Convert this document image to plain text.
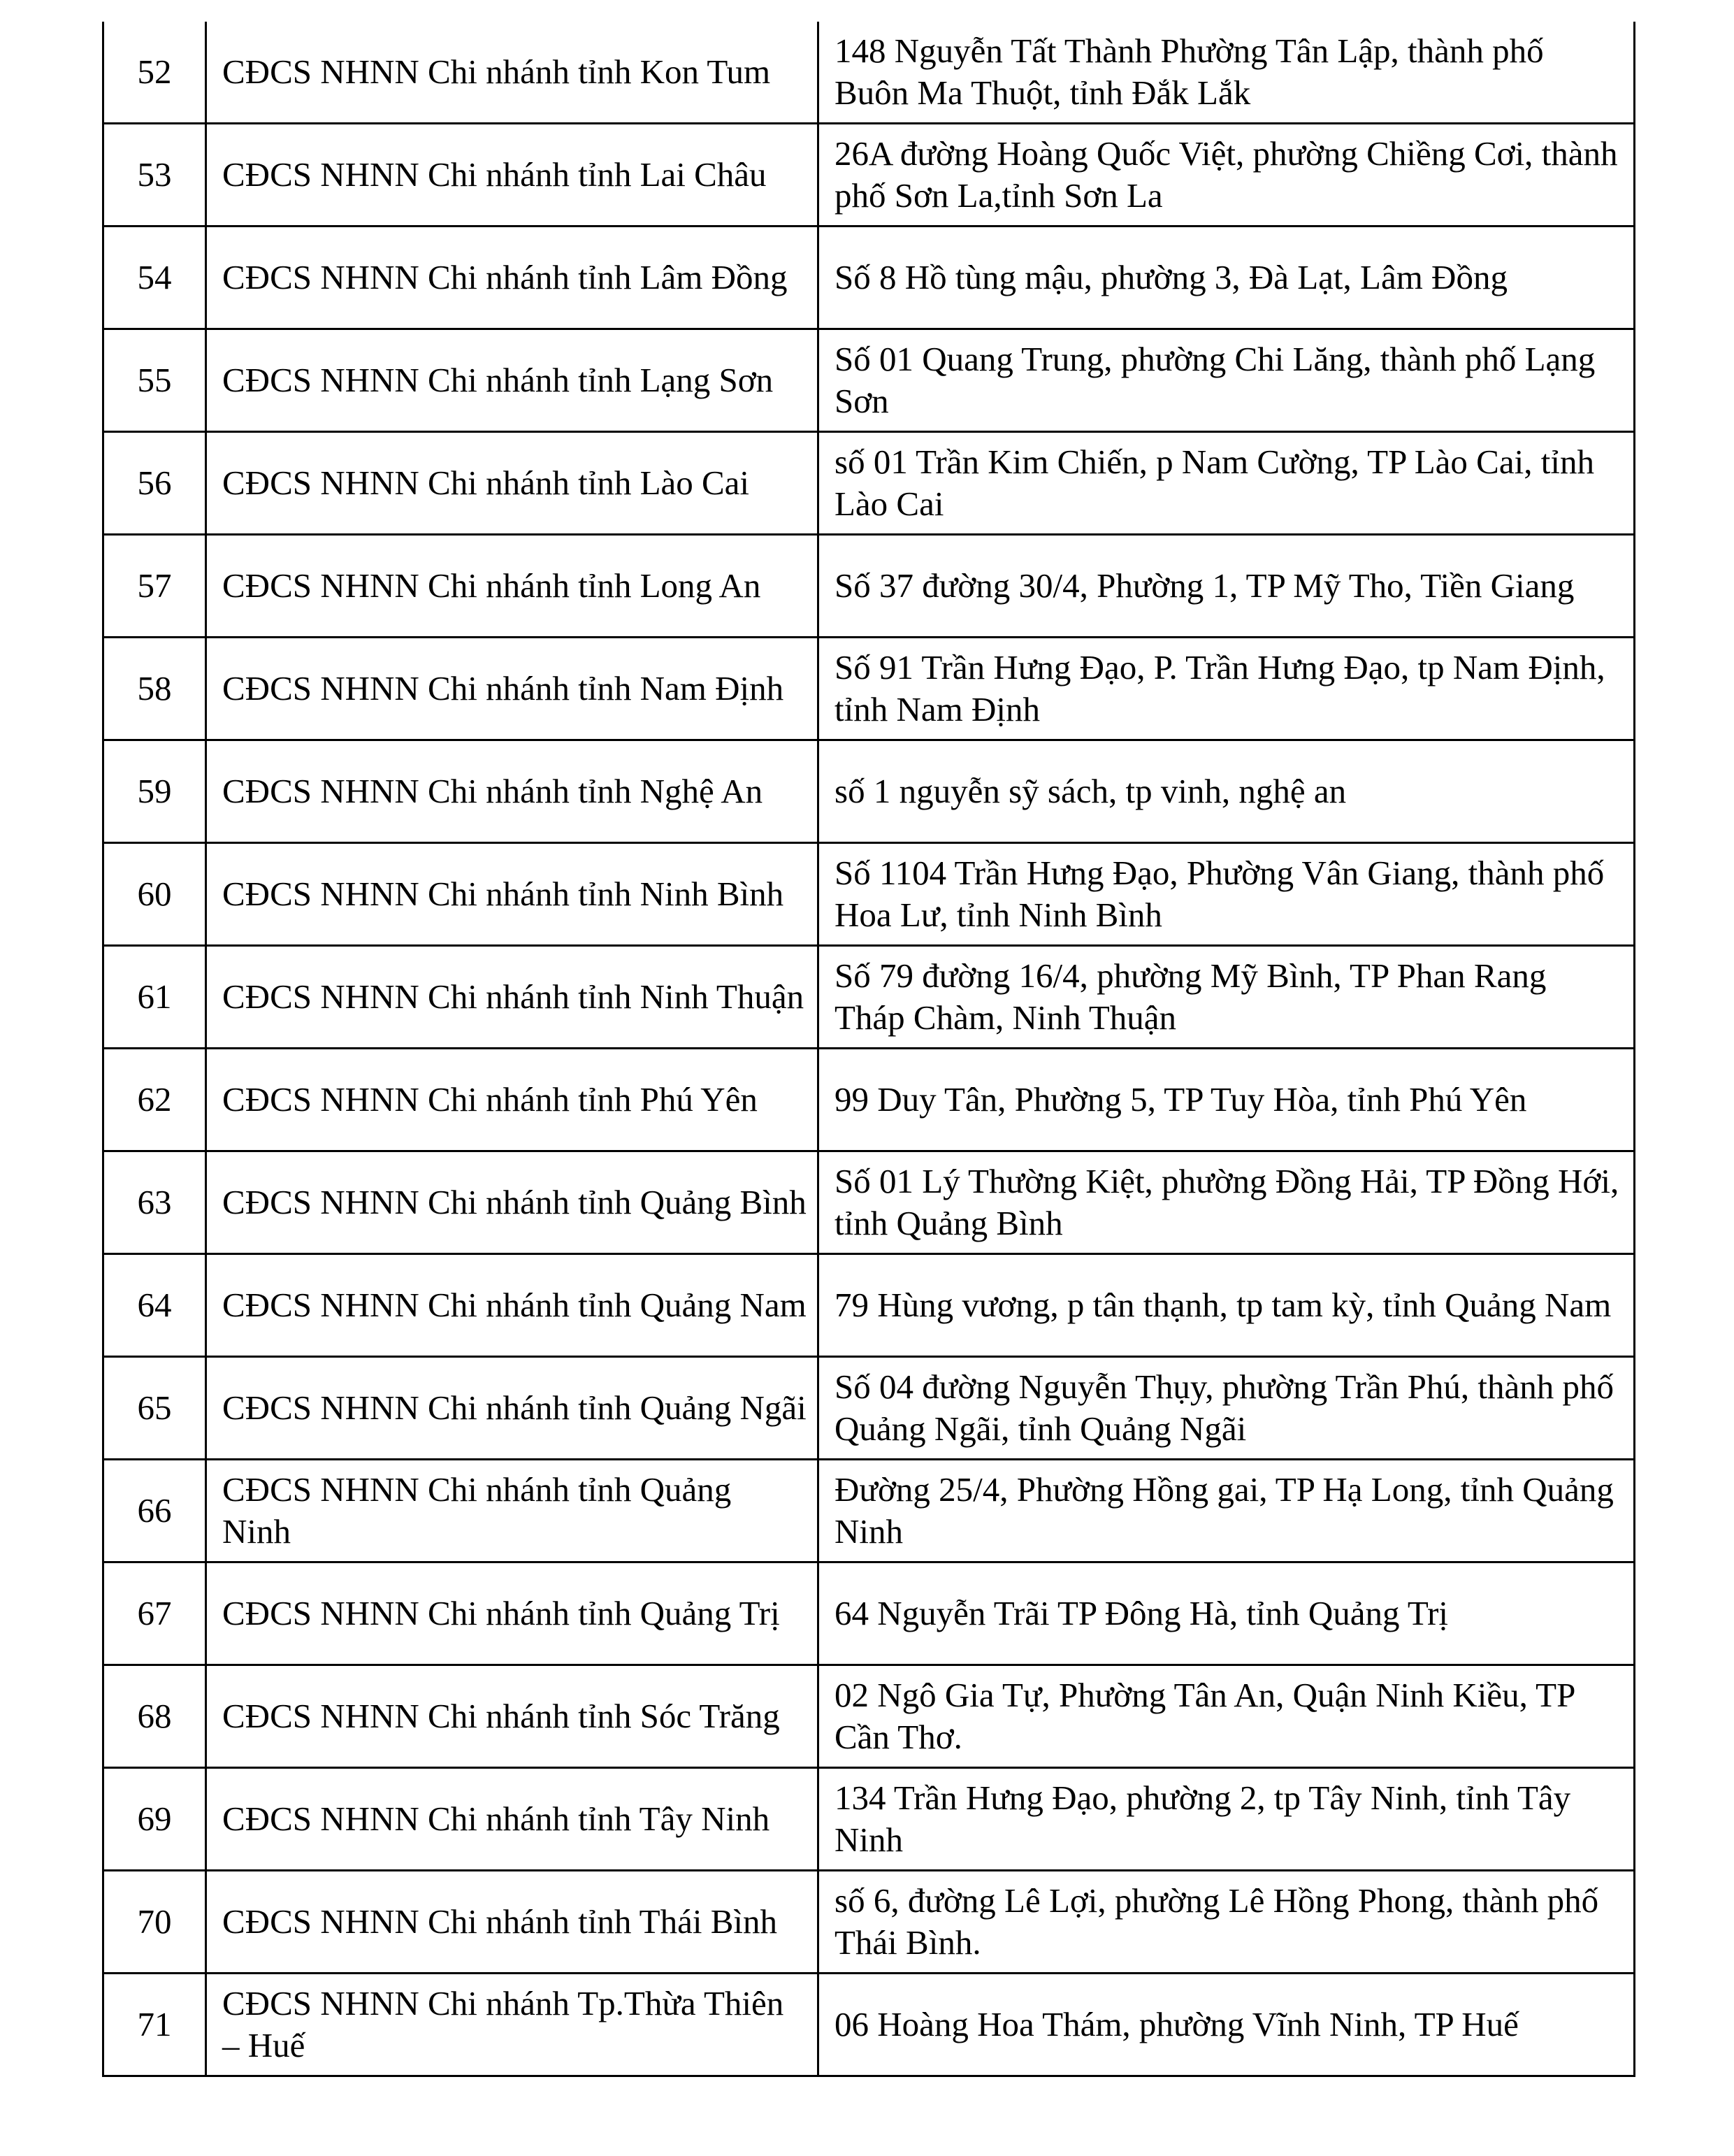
52	CĐCS NHNN Chi nhánh tỉnh Kon Tum	148 Nguyễn Tất Thành Phường Tân Lập, thành phố Buôn Ma Thuột, tỉnh Đắk Lắk
53	CĐCS NHNN Chi nhánh tỉnh Lai Châu	26A đường Hoàng Quốc Việt, phường Chiềng Cơi, thành phố Sơn La,tỉnh Sơn La
54	CĐCS NHNN Chi nhánh tỉnh Lâm Đồng	Số 8 Hồ tùng mậu, phường 3, Đà Lạt, Lâm Đồng
55	CĐCS NHNN Chi nhánh tỉnh Lạng Sơn	Số 01 Quang Trung, phường Chi Lăng, thành phố Lạng Sơn
56	CĐCS NHNN Chi nhánh tỉnh Lào Cai	số 01 Trần Kim Chiến, p Nam Cường, TP Lào Cai, tỉnh Lào Cai
57	CĐCS NHNN Chi nhánh tỉnh Long An	Số 37 đường 30/4, Phường 1, TP Mỹ Tho, Tiền Giang
58	CĐCS NHNN Chi nhánh tỉnh Nam Định	Số 91 Trần Hưng Đạo, P. Trần Hưng Đạo, tp Nam Định, tỉnh Nam Định
59	CĐCS NHNN Chi nhánh tỉnh Nghệ An	số 1 nguyễn sỹ sách, tp vinh, nghệ an
60	CĐCS NHNN Chi nhánh tỉnh Ninh Bình	Số 1104 Trần Hưng Đạo, Phường Vân Giang, thành phố Hoa Lư, tỉnh Ninh Bình
61	CĐCS NHNN Chi nhánh tỉnh Ninh Thuận	Số 79 đường 16/4, phường Mỹ Bình, TP Phan Rang Tháp Chàm, Ninh Thuận
62	CĐCS NHNN Chi nhánh tỉnh Phú Yên	99 Duy Tân, Phường 5, TP Tuy Hòa, tỉnh Phú Yên
63	CĐCS NHNN Chi nhánh tỉnh Quảng Bình	Số 01 Lý Thường Kiệt, phường Đồng Hải, TP Đồng Hới, tỉnh Quảng Bình
64	CĐCS NHNN Chi nhánh tỉnh Quảng Nam	79 Hùng vương, p tân thạnh, tp tam kỳ, tỉnh Quảng Nam
65	CĐCS NHNN Chi nhánh tỉnh Quảng Ngãi	Số 04 đường Nguyễn Thụy, phường Trần Phú, thành phố Quảng Ngãi, tỉnh Quảng Ngãi
66	CĐCS NHNN Chi nhánh tỉnh Quảng Ninh	Đường 25/4, Phường Hồng gai, TP Hạ Long, tỉnh Quảng Ninh
67	CĐCS NHNN Chi nhánh tỉnh Quảng Trị	64 Nguyễn Trãi TP Đông Hà, tỉnh Quảng Trị
68	CĐCS NHNN Chi nhánh tỉnh Sóc Trăng	02 Ngô Gia Tự, Phường Tân An, Quận Ninh Kiều, TP Cần Thơ.
69	CĐCS NHNN Chi nhánh tỉnh Tây Ninh	134 Trần Hưng Đạo, phường 2, tp Tây Ninh, tỉnh Tây Ninh
70	CĐCS NHNN Chi nhánh tỉnh Thái Bình	số 6, đường Lê Lợi, phường Lê Hồng Phong, thành phố Thái Bình.
71	CĐCS NHNN Chi nhánh Tp.Thừa Thiên – Huế	06 Hoàng Hoa Thám, phường Vĩnh Ninh, TP Huế
